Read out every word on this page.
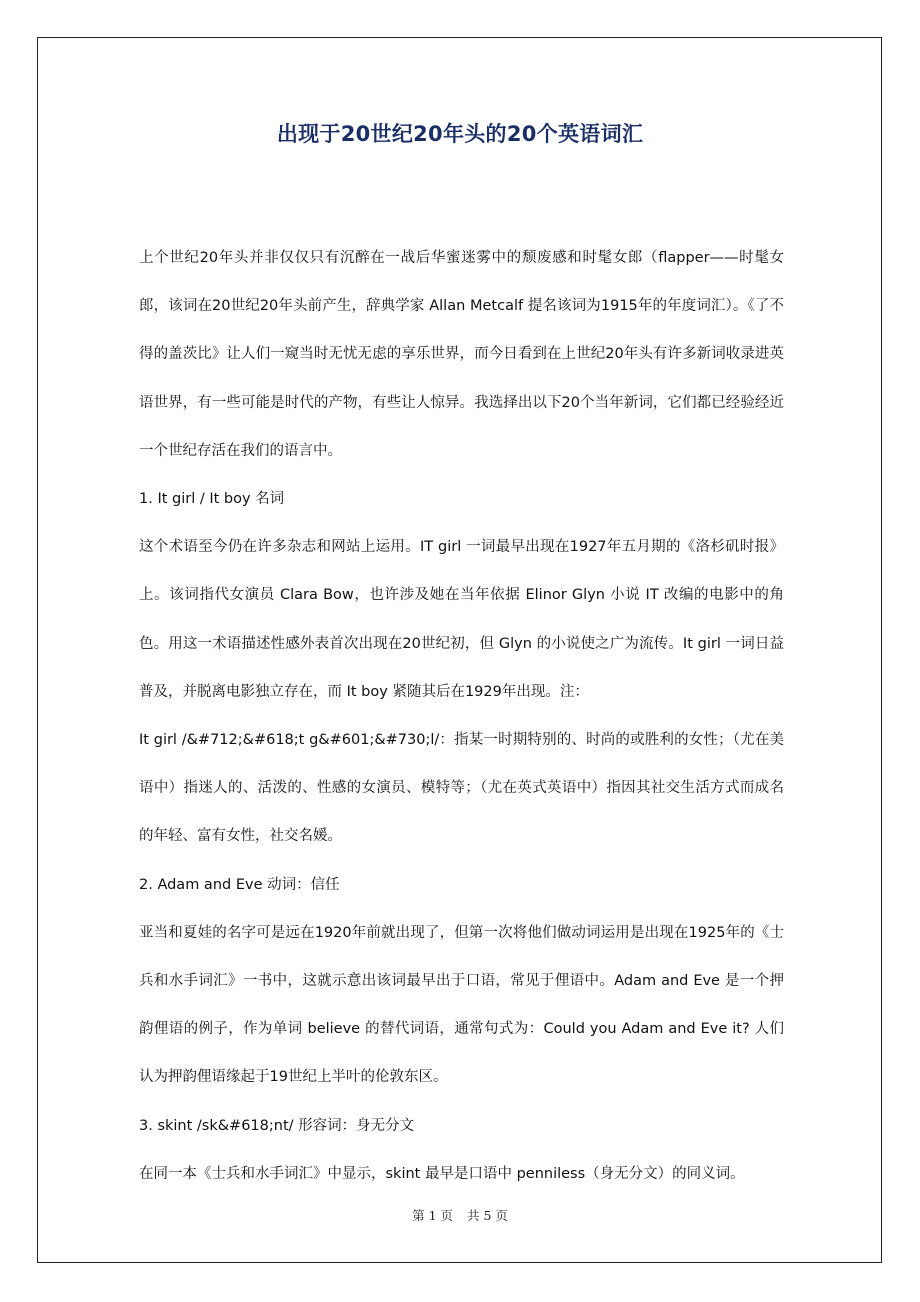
出现于20世纪20年头的20个英语词汇

上个世纪20年头并非仅仅只有沉醉在一战后华蜜迷雾中的颓废感和时髦女郎（flapper——时髦女郎，该词在20世纪20年头前产生，辞典学家 Allan Metcalf 提名该词为1915年的年度词汇）。《了不得的盖茨比》让人们一窥当时无忧无虑的享乐世界，而今日看到在上世纪20年头有许多新词收录进英语世界，有一些可能是时代的产物，有些让人惊异。我选择出以下20个当年新词，它们都已经验经近一个世纪存活在我们的语言中。

1. It girl / It boy 名词

这个术语至今仍在许多杂志和网站上运用。IT girl 一词最早出现在1927年五月期的《洛杉矶时报》上。该词指代女演员 Clara Bow，也许涉及她在当年依据 Elinor Glyn 小说 IT 改编的电影中的角色。用这一术语描述性感外表首次出现在20世纪初，但 Glyn 的小说使之广为流传。It girl 一词日益普及，并脱离电影独立存在，而 It boy 紧随其后在1929年出现。注：

It girl /&#712;&#618;t g&#601;&#730;l/：指某一时期特别的、时尚的或胜利的女性；（尤在美语中）指迷人的、活泼的、性感的女演员、模特等；（尤在英式英语中）指因其社交生活方式而成名的年轻、富有女性，社交名媛。

2. Adam and Eve 动词：信任

亚当和夏娃的名字可是远在1920年前就出现了，但第一次将他们做动词运用是出现在1925年的《士兵和水手词汇》一书中，这就示意出该词最早出于口语，常见于俚语中。Adam and Eve 是一个押韵俚语的例子，作为单词 believe 的替代词语，通常句式为：Could you Adam and Eve it? 人们认为押韵俚语缘起于19世纪上半叶的伦敦东区。

3. skint /sk&#618;nt/ 形容词：身无分文

在同一本《士兵和水手词汇》中显示，skint 最早是口语中 penniless（身无分文）的同义词。

第 1 页 共 5 页
